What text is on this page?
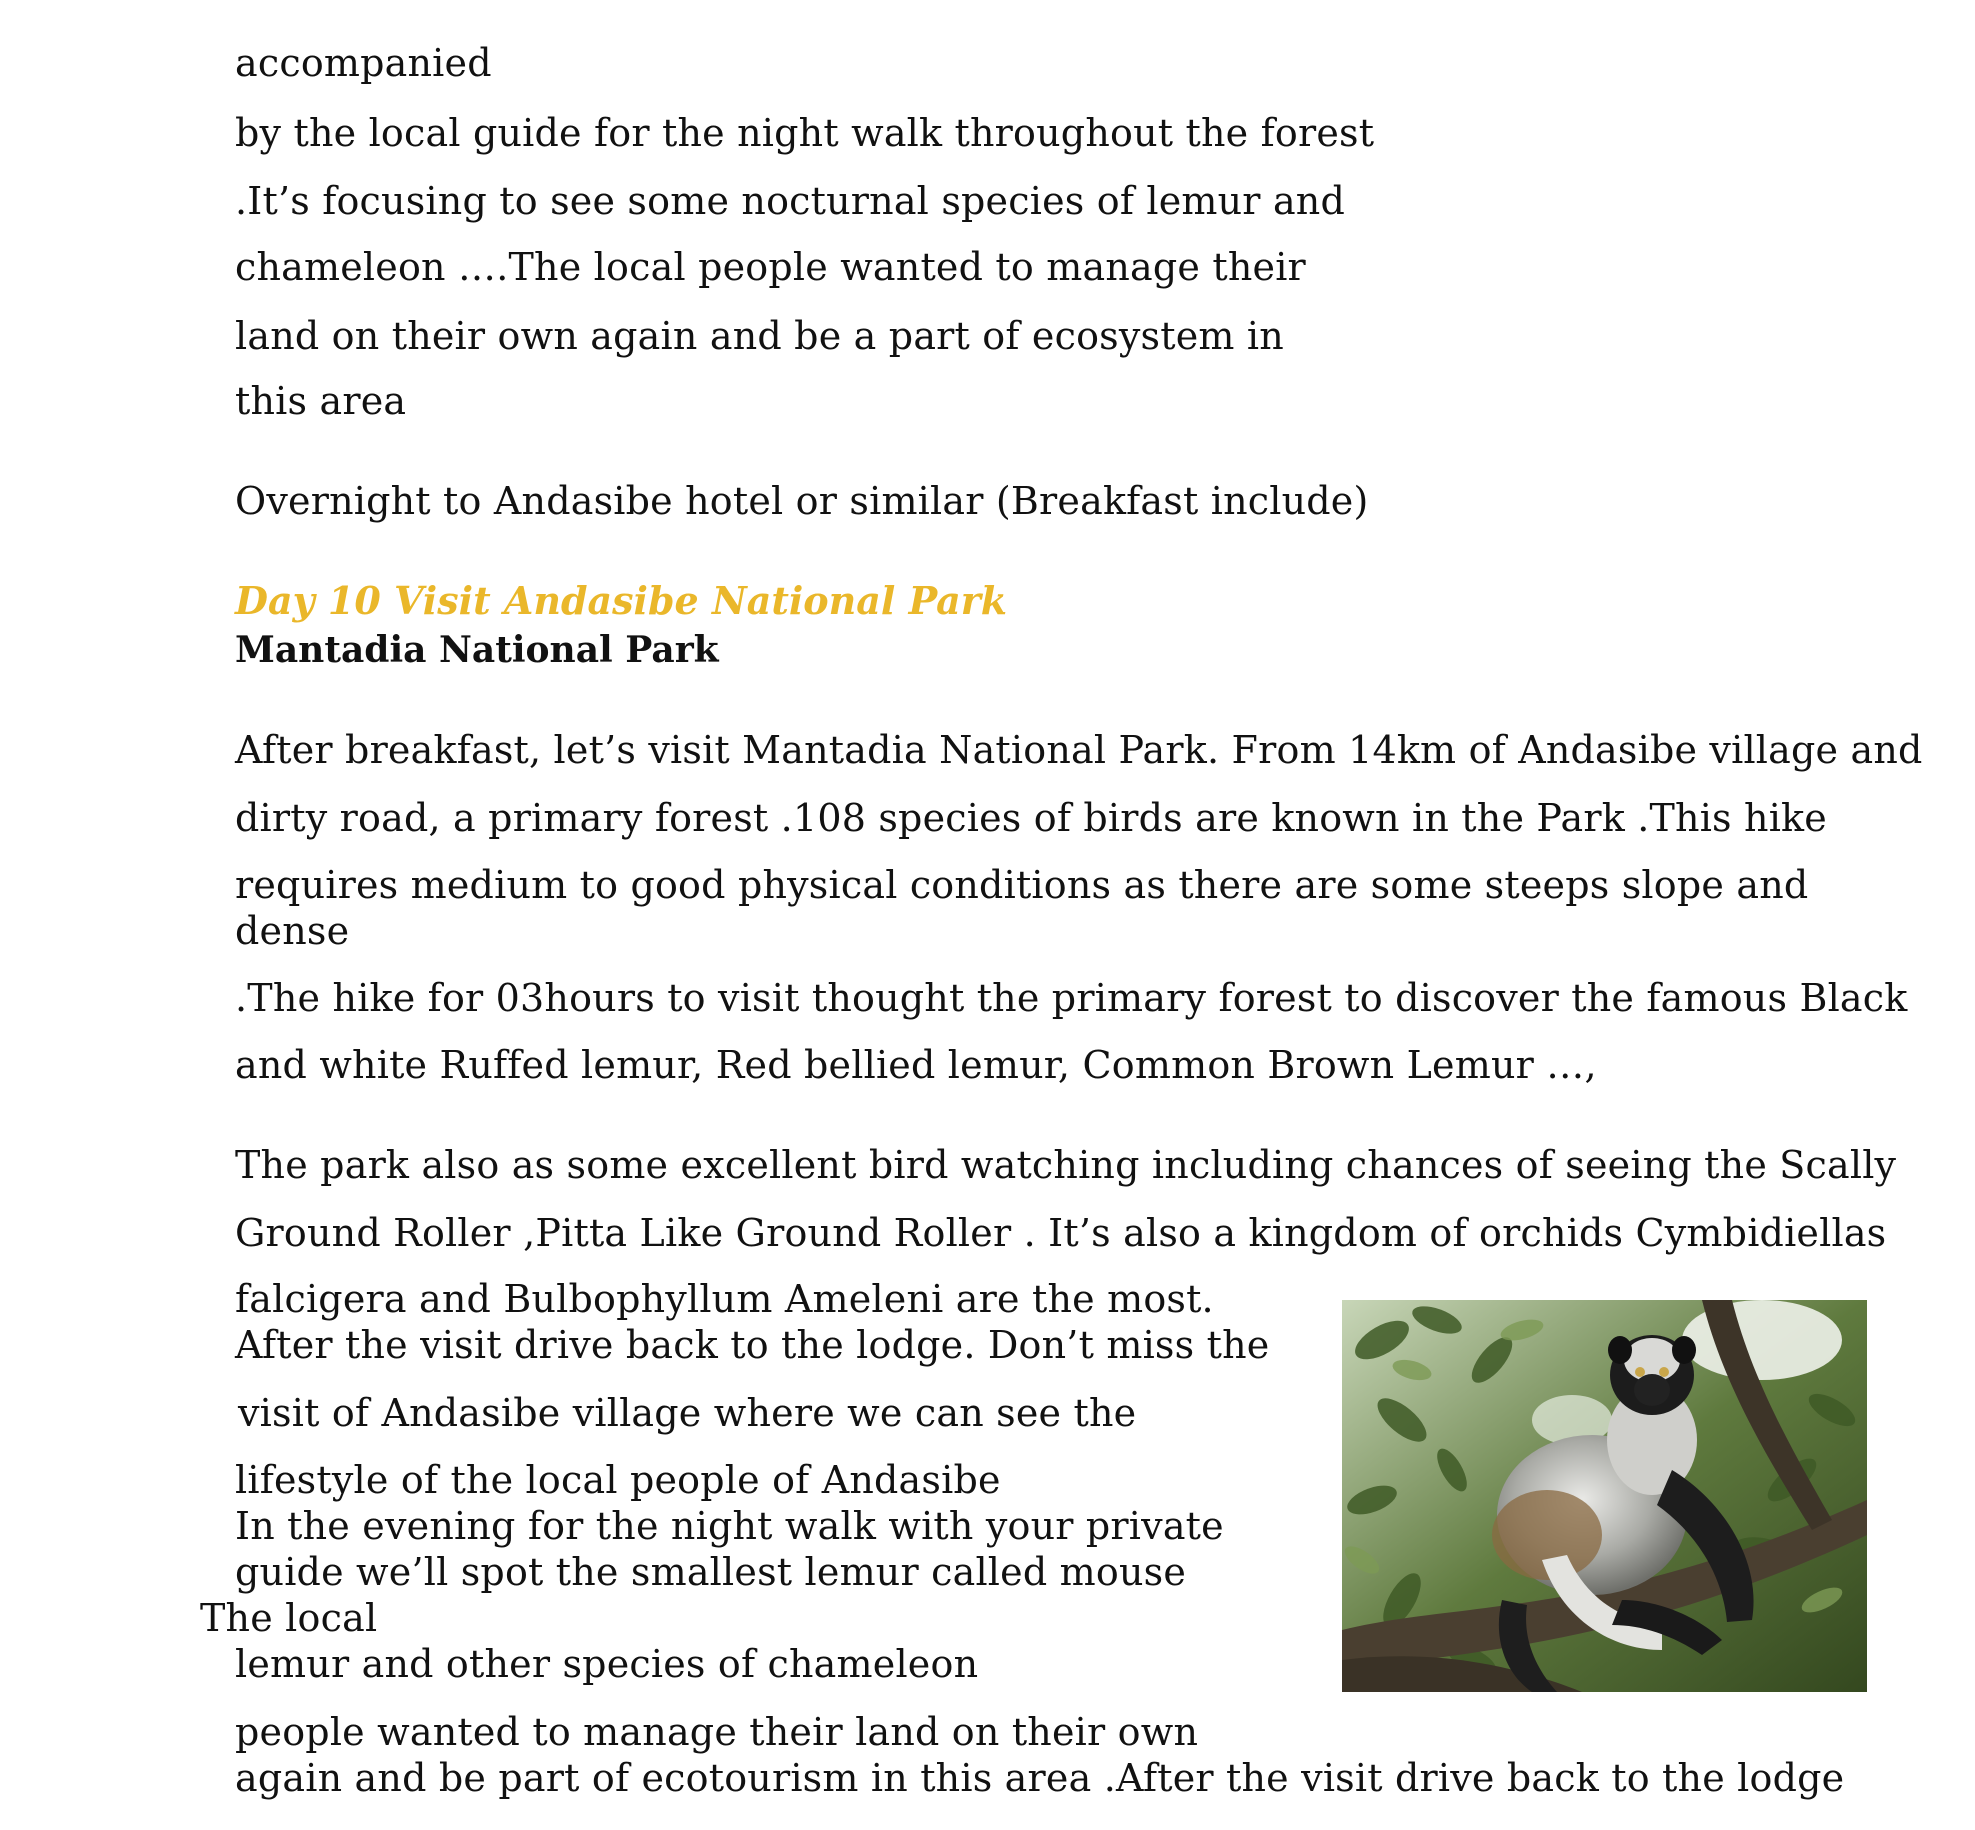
accompanied
by the local guide for the night walk throughout the forest
.It’s focusing to see some nocturnal species of lemur and
chameleon ….The local people wanted to manage their
land on their own again and be a part of ecosystem in
this area
Overnight to Andasibe hotel or similar (Breakfast include)
Day 10 Visit Andasibe National Park
Mantadia National Park
After breakfast, let’s visit Mantadia National Park. From 14km of Andasibe village and
dirty road, a primary forest .108 species of birds are known in the Park .This hike
requires medium to good physical conditions as there are some steeps slope and
dense
.The hike for 03hours to visit thought the primary forest to discover the famous Black
and white Ruffed lemur, Red bellied lemur, Common Brown Lemur …,
The park also as some excellent bird watching including chances of seeing the Scally
Ground Roller ,Pitta Like Ground Roller . It’s also a kingdom of orchids Cymbidiellas
falcigera and Bulbophyllum Ameleni are the most.
After the visit drive back to the lodge. Don’t miss the
visit of Andasibe village where we can see the
lifestyle of the local people of Andasibe
In the evening for the night walk with your private
guide we’ll spot the smallest lemur called mouse
The local
lemur and other species of chameleon
people wanted to manage their land on their own
again and be part of ecotourism in this area .After the visit drive back to the lodge
